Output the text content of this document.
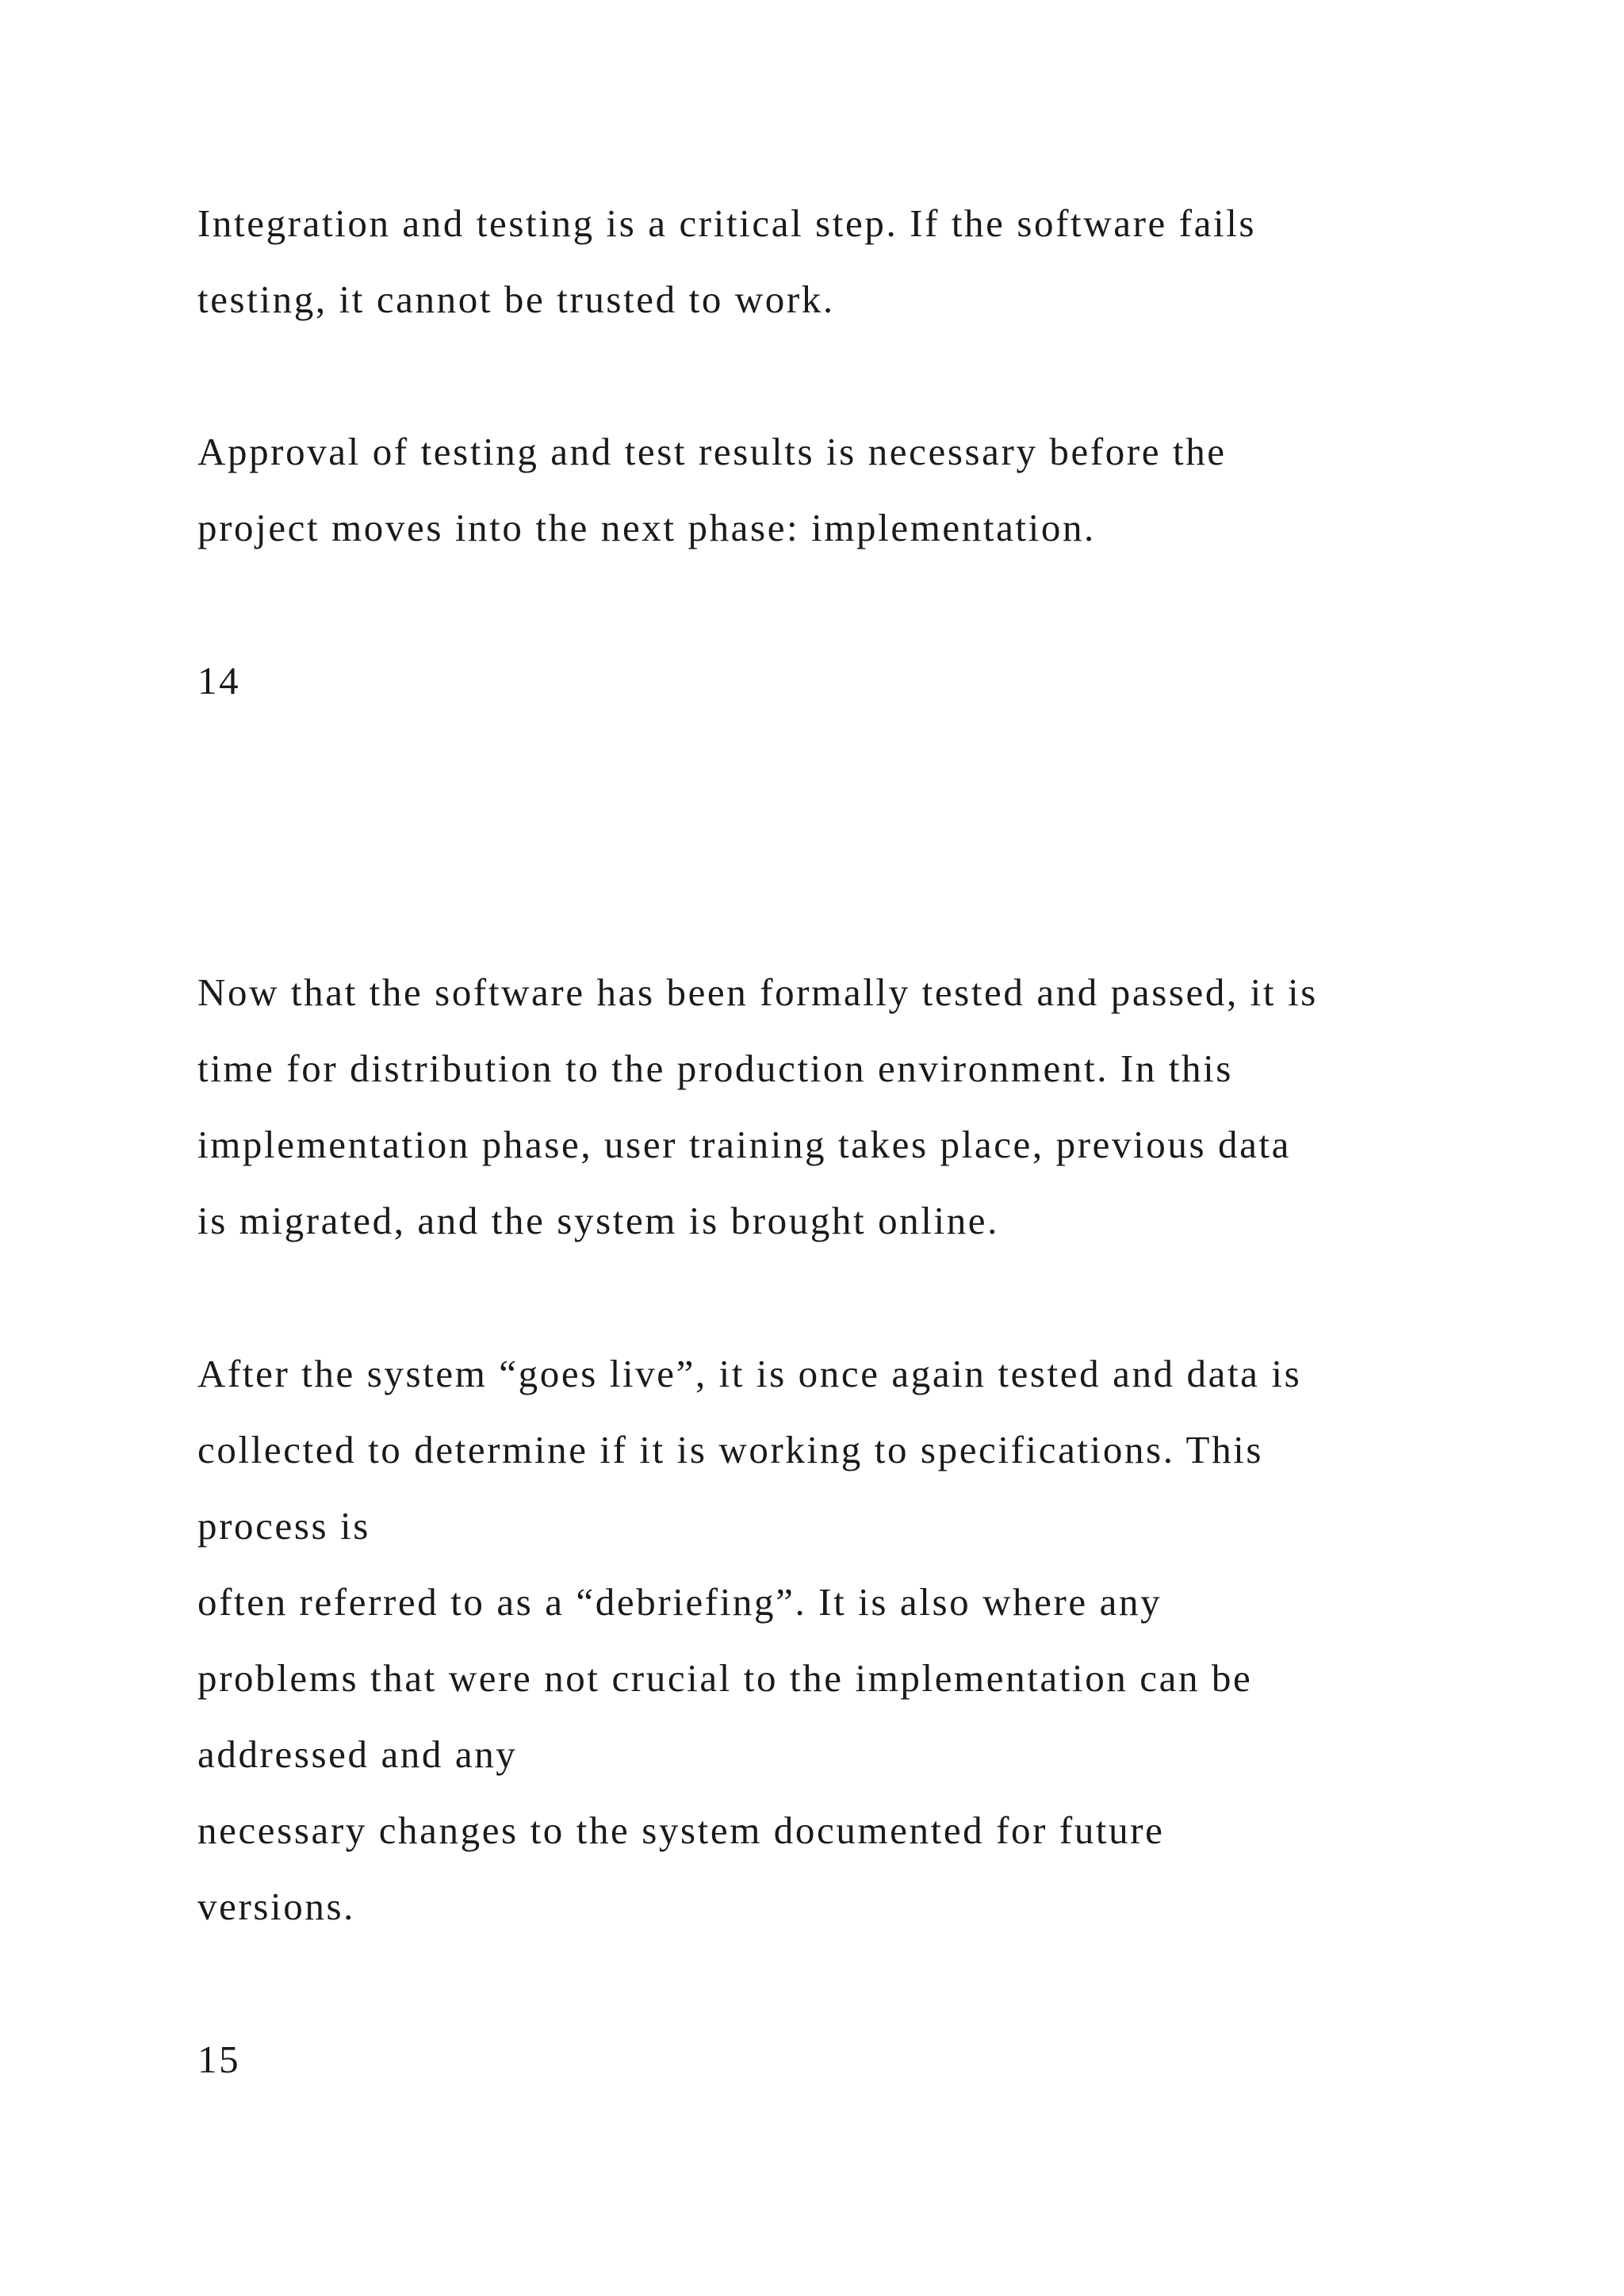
Integration and testing is a critical step. If the software fails

testing, it cannot be trusted to work.

Approval of testing and test results is necessary before the

project moves into the next phase: implementation.

14

Now that the software has been formally tested and passed, it is

time for distribution to the production environment. In this

implementation phase, user training takes place, previous data

is migrated, and the system is brought online.

After the system “goes live”, it is once again tested and data is

collected to determine if it is working to specifications. This

process is

often referred to as a “debriefing”. It is also where any

problems that were not crucial to the implementation can be

addressed and any

necessary changes to the system documented for future

versions.

15
